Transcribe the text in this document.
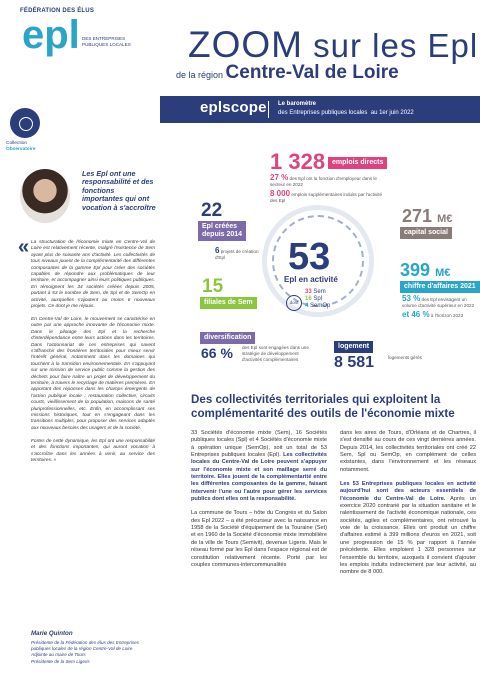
FÉDÉRATION DES ÉLUS
epl DES ENTREPRISES PUBLIQUES LOCALES
Collection
Observatoire
Les Epl ont une responsabilité et des fonctions importantes qui ont vocation à s'accroître
« La structuration de l'économie mixte en Centre-Val de Loire est relativement récente, malgré l'existence de Sem ayant plus de soixante ans d'activité. Les collectivités de tous niveaux jouent de la complémentarité des différentes composantes de la gamme Epl pour créer des sociétés capables de répondre aux problématiques de leur territoire, et accompagner ainsi leurs politiques publiques. En témoignent les 34 sociétés créées depuis 2005, portant à 53 le nombre de Sem, de Spl et de SemOp en activité, auxquelles s'ajoutent au moins 6 nouveaux projets. Ce dont je me réjouis.

En Centre-Val de Loire, le mouvement se caractérise en outre par une approche innovante de l'économie mixte. Dans le pilotage des Epl et la recherche d'interdépendance entre leurs actions dans les territoires. Dans l'actionnariat de ces entreprises qui savent s'affranchir des frontières territoriales pour mieux servir l'intérêt général, notamment dans les domaines qui touchent à la transition environnementale. En s'appuyant sur une mission de service public comme la gestion des déchets pour faire naître un projet de développement du territoire, à travers le recyclage de matières premières. En apportant des réponses dans les champs émergents de l'action publique locale : restauration collective, circuits courts, vieillissement de la population, maisons de santé pluriprofessionnelles, etc. Enfin, en accomplissant ses missions historiques, tout en s'engageant dans les transitions multiples, pour proposer des services adaptés aux nouveaux besoins des usagers et de la société.

Fortes de cette dynamique, les Epl ont une responsabilité et des fonctions importantes, qui auront vocation à s'accroître dans les années à venir, au service des territoires. »

Marie Quinton
Présidente de la Fédération des élus des Entreprises publiques locales de la région Centre-Val de Loire
Adjointe au maire de Tours
Présidente de la Sem Ligeris
ZOOM sur les Epl
de la région Centre-Val de Loire
eplscope Le baromètre
des Entreprises publiques locales au 1er juin 2022
1 328 emplois directs
27 % des Epl ont la fonction d'employeur dans le secteur en 2022
8 000 emplois supplémentaires induits par l'activité des Epl
22
Epl créées
depuis 2014
6 projets de création d'Epl
271 M€
capital social
53
Epl en activité
dont
33 Sem
16 Spl
4 SemOp
15
filiales de Sem
399 M€
chiffre d'affaires 2021
53 % des Epl envisagent un volume d'activité supérieur en 2022
et 46 % à l'horizon 2023
diversification
66 % des Epl sont engagées dans une stratégie de développement d'activités complémentaires
logement
8 581	logements gérés
Des collectivités territoriales qui exploitent la complémentarité des outils de l'économie mixte

33 Sociétés d'économie mixte (Sem), 16 Sociétés publiques locales (Spl) et 4 Sociétés d'économie mixte à opération unique (SemOp), soit un total de 53 Entreprises publiques locales (Epl). Les collectivités locales du Centre-Val de Loire peuvent s'appuyer sur l'économie mixte et son maillage serré du territoire. Elles jouent de la complémentarité entre les différentes composantes de la gamme, faisant intervenir l'une ou l'autre pour gérer les services publics dont elles ont la responsabilité.

La commune de Tours – hôte du Congrès et du Salon des Epl 2022 – a été précurseur avec la naissance en 1958 de la Société d'équipement de la Touraine (Set) et en 1960 de la Société d'économie mixte immobilière de la ville de Tours (Semivit), devenue Ligeris. Mais le réseau formé par les Epl dans l'espace régional est de constitution relativement récente. Porté par les couples communes-intercommunalités

dans les aires de Tours, d'Orléans et de Chartres, il s'est densifié au cours de ces vingt dernières années. Depuis 2014, les collectivités territoriales ont créé 22 Sem, Spl ou SemOp, en complément de celles existantes, dans l'environnement et les réseaux notamment.

Les 53 Entreprises publiques locales en activité aujourd'hui sont des acteurs essentiels de l'économie du Centre-Val de Loire. Après un exercice 2020 contrarié par la situation sanitaire et le ralentissement de l'activité économique nationale, ces sociétés, agiles et complémentaires, ont retrouvé la voie de la croissance. Elles ont produit un chiffre d'affaires estimé à 399 millions d'euros en 2021, soit une progression de 15 % par rapport à l'année précédente. Elles emploient 1 328 personnes sur l'ensemble du territoire, auxquels il convient d'ajouter les emplois induits indirectement par leur activité, au nombre de 8 000.
